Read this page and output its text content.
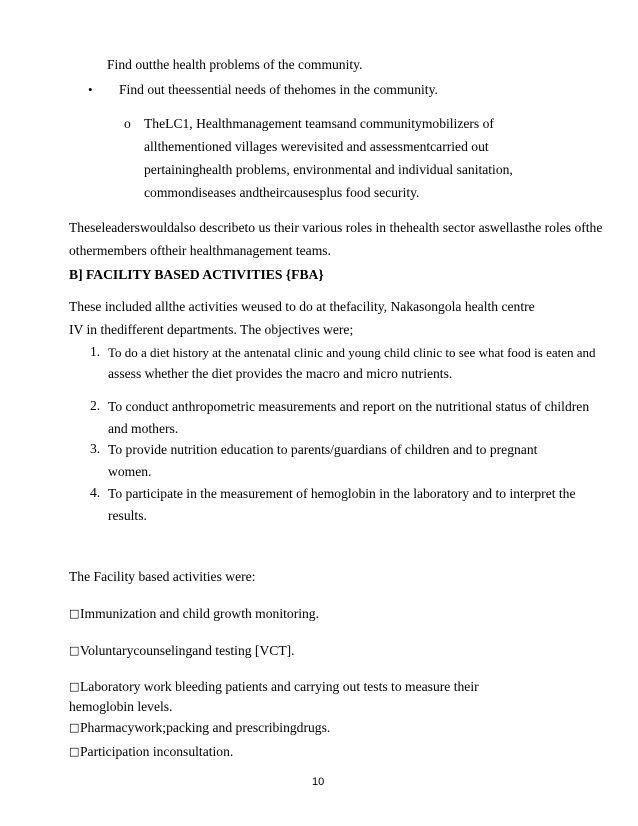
Find outthe health problems of the community.
• Find out theessential needs of thehomes in the community.
o TheLC1, Healthmanagement teamsand communitymobilizers of
allthementioned villages werevisited and assessmentcarried out
pertaininghealth problems, environmental and individual sanitation,
commondiseases andtheircausesplus food security.
Theseleaderswouldalso describeto us their various roles in thehealth sector aswellasthe roles ofthe
othermembers oftheir healthmanagement teams.
B] FACILITY BASED ACTIVITIES {FBA}
These included allthe activities weused to do at thefacility, Nakasongola health centre
IV in thedifferent departments. The objectives were;
1. To do a diet history at the antenatal clinic and young child clinic to see what food is eaten and
assess whether the diet provides the macro and micro nutrients.
2. To conduct anthropometric measurements and report on the nutritional status of children
and mothers.
3. To provide nutrition education to parents/guardians of children and to pregnant
women.
4. To participate in the measurement of hemoglobin in the laboratory and to interpret the
results.
The Facility based activities were:
□ Immunization and child growth monitoring.
□ Voluntarycounselingand testing [VCT].
□ Laboratory work bleeding patients and carrying out tests to measure their
hemoglobin levels.
□ Pharmacywork;packing and prescribingdrugs.
□ Participation inconsultation.
10
